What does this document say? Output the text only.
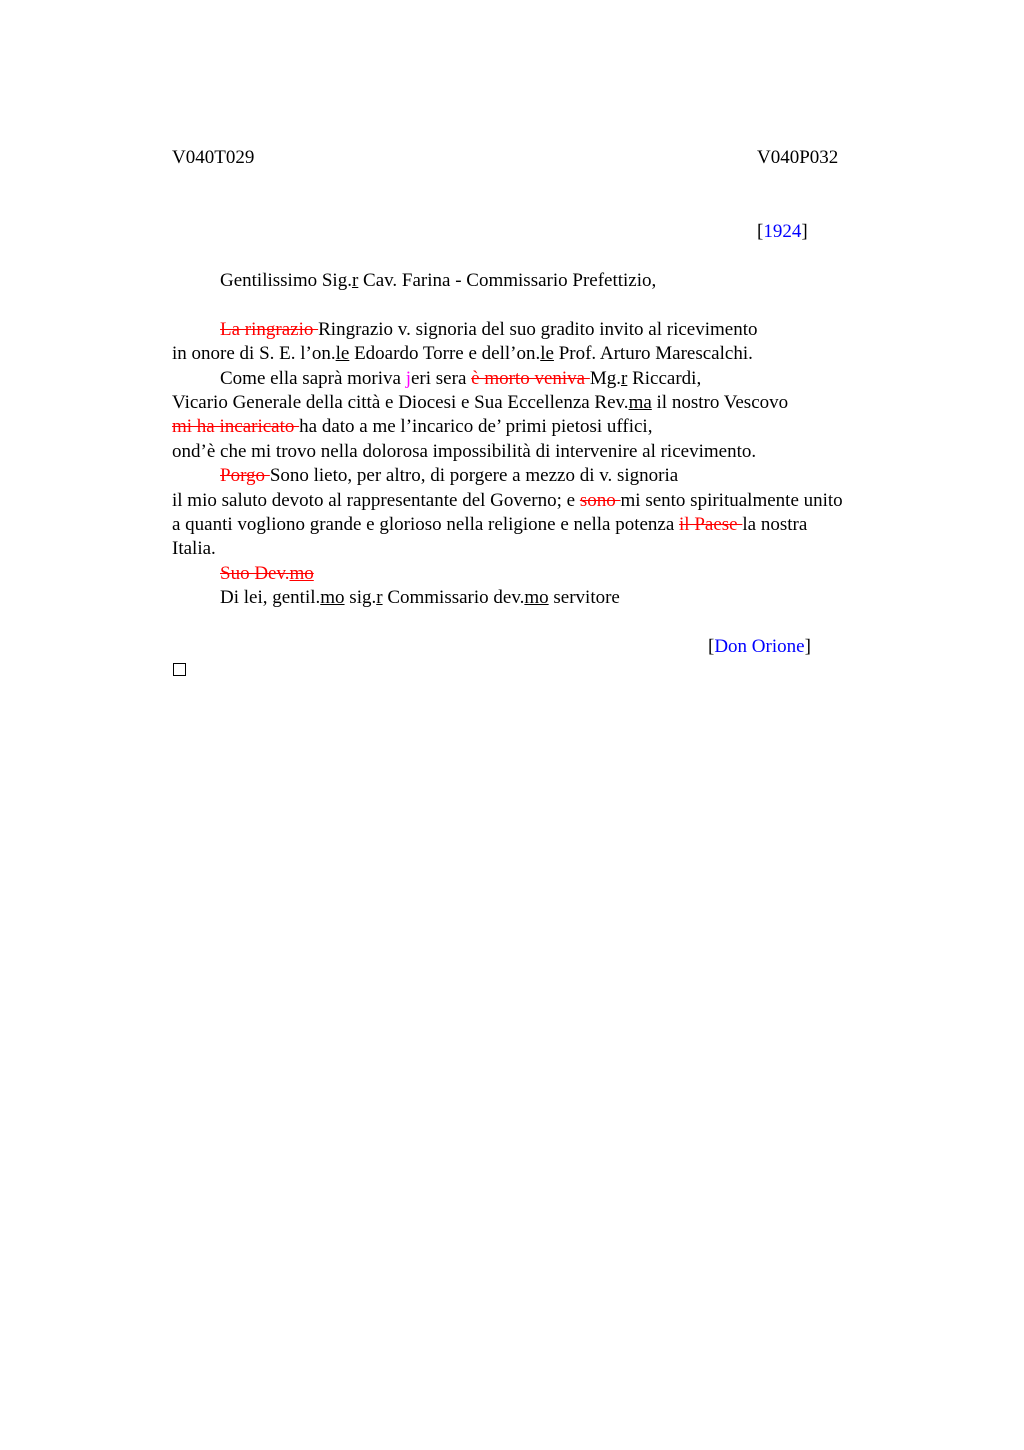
V040T029	V040P032
[1924]
Gentilissimo Sig.r Cav. Farina - Commissario Prefettizio,
La ringrazio Ringrazio v. signoria del suo gradito invito al ricevimento
in onore di S. E. l’on.le Edoardo Torre e dell’on.le Prof. Arturo Marescalchi.
Come ella saprà moriva jeri sera è morto veniva Mg.r Riccardi,
Vicario Generale della città e Diocesi e Sua Eccellenza Rev.ma il nostro Vescovo
mi ha incaricato ha dato a me l’incarico de’ primi pietosi uffici,
ond’è che mi trovo nella dolorosa impossibilità di intervenire al ricevimento.
Porgo Sono lieto, per altro, di porgere a mezzo di v. signoria
il mio saluto devoto al rappresentante del Governo; e sono mi sento spiritualmente unito
a quanti vogliono grande e glorioso nella religione e nella potenza il Paese la nostra
Italia.
Suo Dev.mo
Di lei, gentil.mo sig.r Commissario dev.mo servitore
[Don Orione]
